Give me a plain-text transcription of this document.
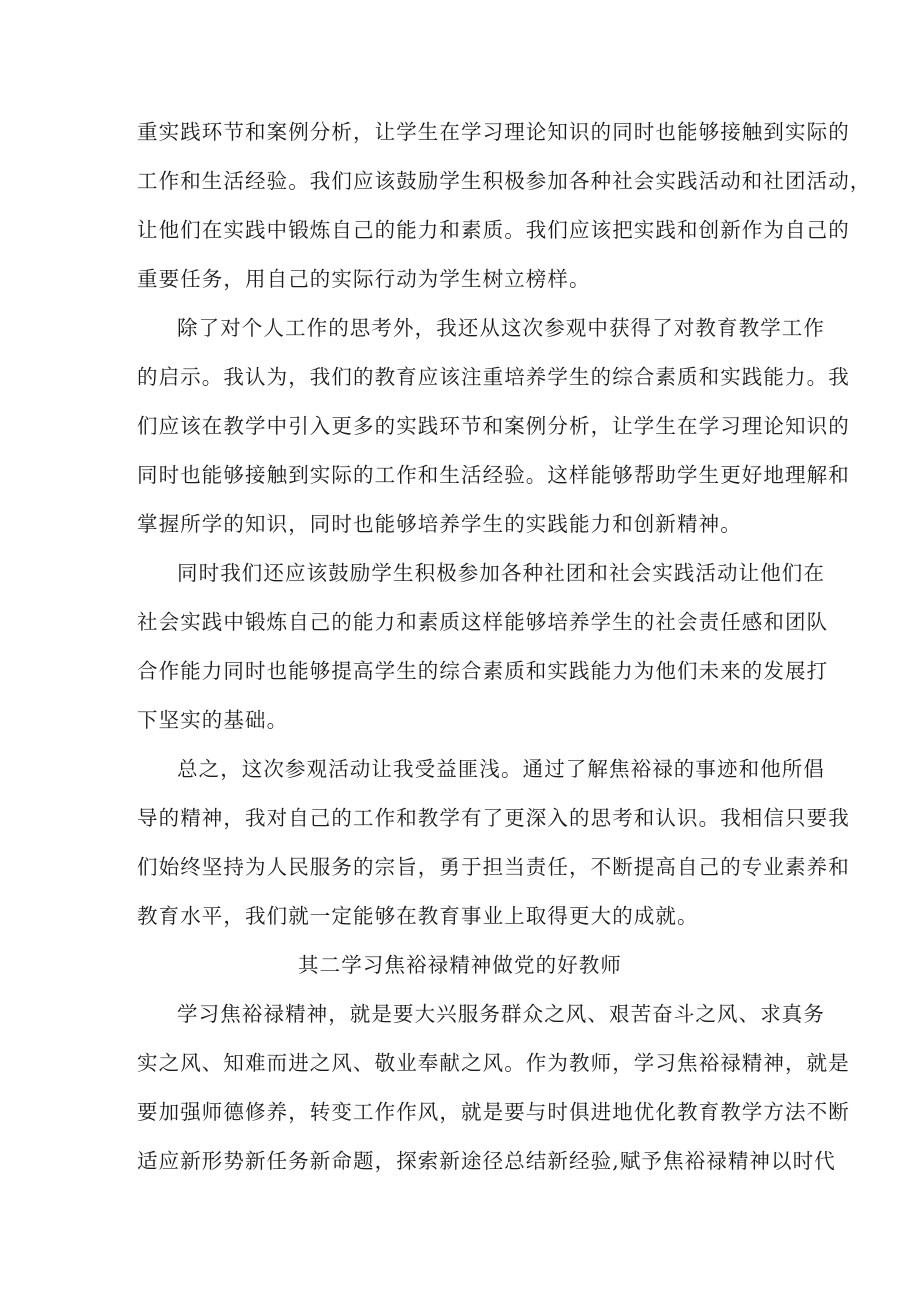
重实践环节和案例分析，让学生在学习理论知识的同时也能够接触到实际的
工作和生活经验。我们应该鼓励学生积极参加各种社会实践活动和社团活动，
让他们在实践中锻炼自己的能力和素质。我们应该把实践和创新作为自己的
重要任务，用自己的实际行动为学生树立榜样。
除了对个人工作的思考外，我还从这次参观中获得了对教育教学工作
的启示。我认为，我们的教育应该注重培养学生的综合素质和实践能力。我
们应该在教学中引入更多的实践环节和案例分析，让学生在学习理论知识的
同时也能够接触到实际的工作和生活经验。这样能够帮助学生更好地理解和
掌握所学的知识，同时也能够培养学生的实践能力和创新精神。
同时我们还应该鼓励学生积极参加各种社团和社会实践活动让他们在
社会实践中锻炼自己的能力和素质这样能够培养学生的社会责任感和团队
合作能力同时也能够提高学生的综合素质和实践能力为他们未来的发展打
下坚实的基础。
总之，这次参观活动让我受益匪浅。通过了解焦裕禄的事迹和他所倡
导的精神，我对自己的工作和教学有了更深入的思考和认识。我相信只要我
们始终坚持为人民服务的宗旨，勇于担当责任，不断提高自己的专业素养和
教育水平，我们就一定能够在教育事业上取得更大的成就。
其二学习焦裕禄精神做党的好教师
学习焦裕禄精神，就是要大兴服务群众之风、艰苦奋斗之风、求真务
实之风、知难而进之风、敬业奉献之风。作为教师，学习焦裕禄精神，就是
要加强师德修养，转变工作作风，就是要与时俱进地优化教育教学方法不断
适应新形势新任务新命题，探索新途径总结新经验,赋予焦裕禄精神以时代
